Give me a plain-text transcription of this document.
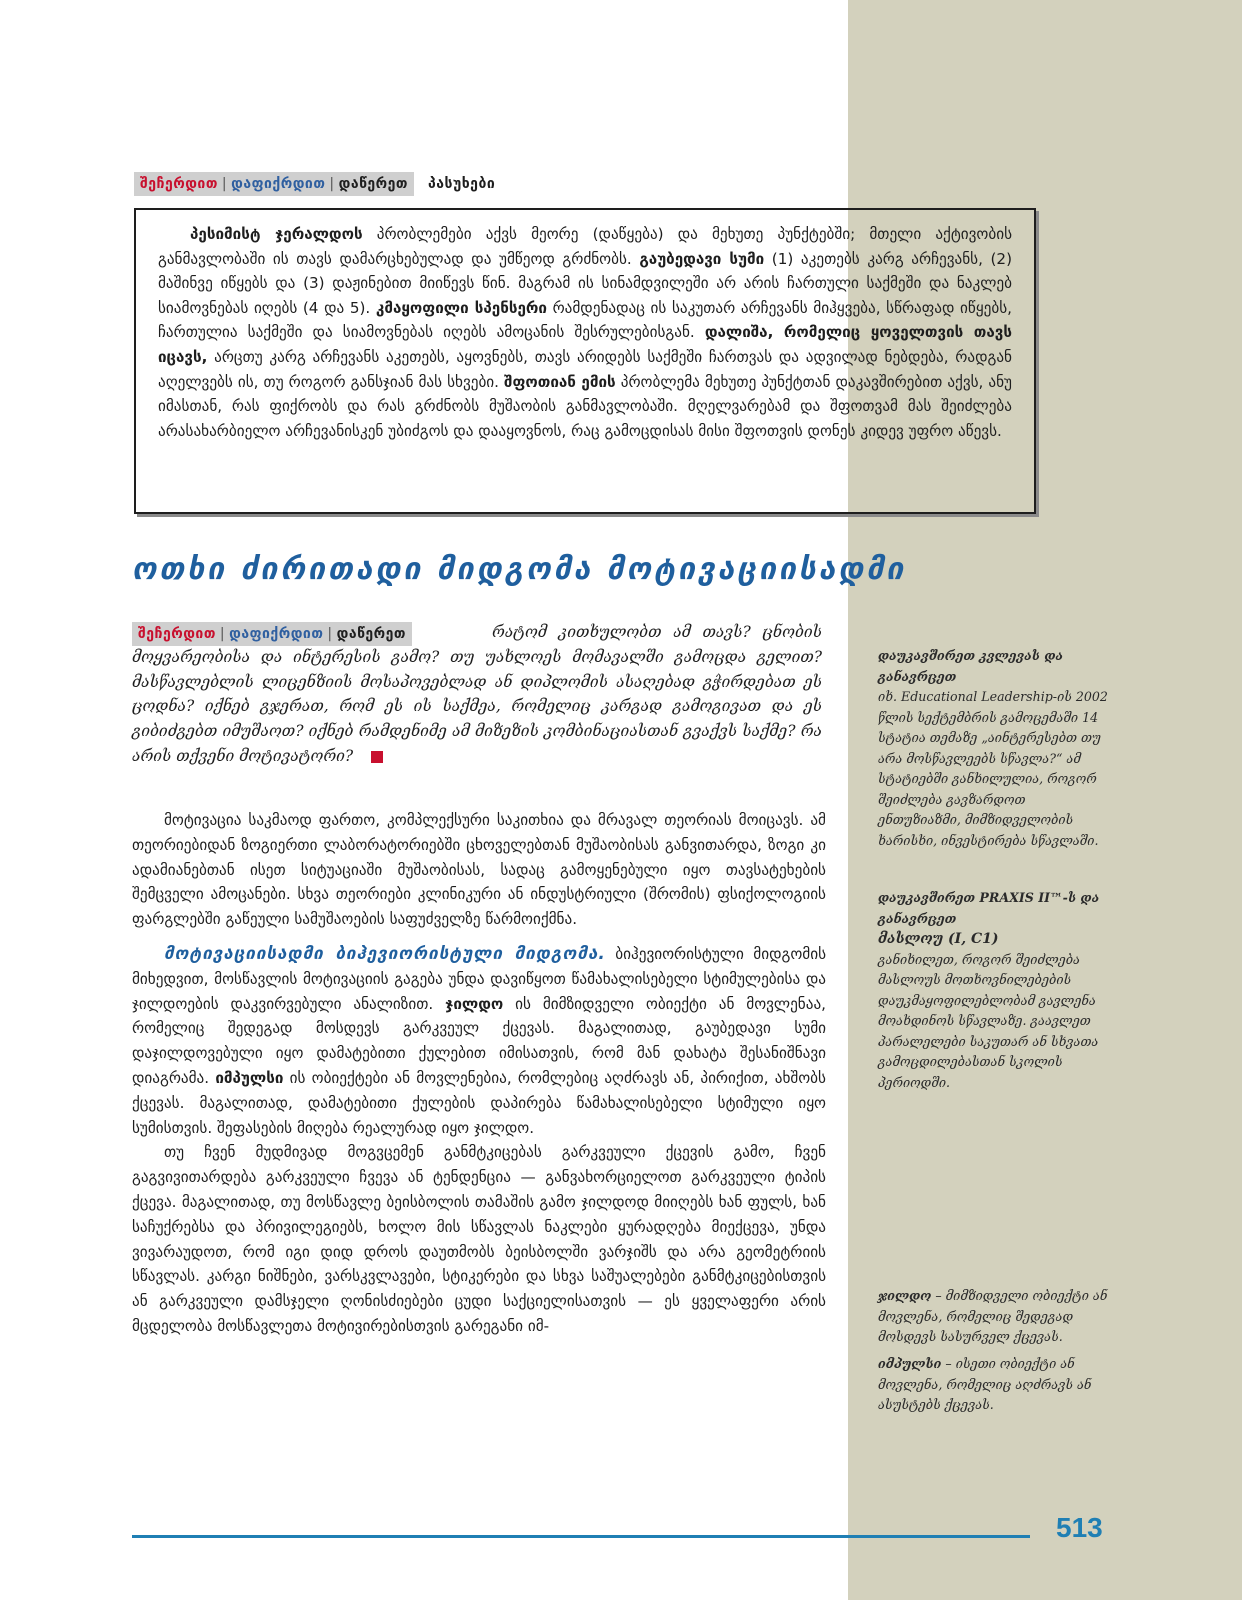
შეჩერდით | დაფიქრდით | დაწერეთ პასუხები

პესიმისტ ჯერალდოს პრობლემები აქვს მეორე (დაწყება) და მეხუთე პუნქტებში; მთელი აქტივობის განმავლობაში ის თავს დამარცხებულად და უმწეოდ გრძნობს. გაუბედავი სუმი (1) აკეთებს კარგ არჩევანს, (2) მაშინვე იწყებს და (3) დაჟინებით მიიწევს წინ. მაგრამ ის სინამდვილეში არ არის ჩართული საქმეში და ნაკლებ სიამოვნებას იღებს (4 და 5). კმაყოფილი სპენსერი რამდენადაც ის საკუთარ არჩევანს მიჰყვება, სწრაფად იწყებს, ჩართულია საქმეში და სიამოვნებას იღებს ამოცანის შესრულებისგან. დალიშა, რომელიც ყოველთვის თავს იცავს, არცთუ კარგ არჩევანს აკეთებს, აყოვნებს, თავს არიდებს საქმეში ჩართვას და ადვილად ნებდება, რადგან აღელვებს ის, თუ როგორ განსჯიან მას სხვები. შფოთიან ემის პრობლემა მეხუთე პუნქტთან დაკავშირებით აქვს, ანუ იმასთან, რას ფიქრობს და რას გრძნობს მუშაობის განმავლობაში. მღელვარებამ და შფოთვამ მას შეიძლება არასახარბიელო არჩევანისკენ უბიძგოს და დააყოვნოს, რაც გამოცდისას მისი შფოთვის დონეს კიდევ უფრო აწევს.

ოთხი ძირითადი მიდგომა მოტივაციისადმი
შეჩერდით | დაფიქრდით | დაწერეთ	რატომ კითხულობთ ამ თავს? ცნობის მოყვარეობისა და ინტერესის გამო? თუ უახლოეს მომავალში გამოცდა გელით? მასწავლებლის ლიცენზიის მოსაპოვებლად ან დიპლომის ასაღებად გჭირდებათ ეს ცოდნა? იქნებ გჯერათ, რომ ეს ის საქმეა, რომელიც კარგად გამოგივათ და ეს გიბიძგებთ იმუშაოთ? იქნებ რამდენიმე ამ მიზეზის კომბინაციასთან გვაქვს საქმე? რა არის თქვენი მოტივატორი?

მოტივაცია საკმაოდ ფართო, კომპლექსური საკითხია და მრავალ თეორიას მოიცავს. ამ თეორიებიდან ზოგიერთი ლაბორატორიებში ცხოველებთან მუშაობისას განვითარდა, ზოგი კი ადამიანებთან ისეთ სიტუაციაში მუშაობისას, სადაც გამოყენებული იყო თავსატეხების შემცველი ამოცანები. სხვა თეორიები კლინიკური ან ინდუსტრიული (შრომის) ფსიქოლოგიის ფარგლებში გაწეული სამუშაოების საფუძველზე წარმოიქმნა.

მოტივაციისადმი ბიჰევიორისტული მიდგომა. ბიჰევიორისტული მიდგომის მიხედვით, მოსწავლის მოტივაციის გაგება უნდა დავიწყოთ წამახალისებელი სტიმულებისა და ჯილდოების დაკვირვებული ანალიზით. ჯილდო ის მიმზიდველი ობიექტი ან მოვლენაა, რომელიც შედეგად მოსდევს გარკვეულ ქცევას. მაგალითად, გაუბედავი სუმი დაჯილდოვებული იყო დამატებითი ქულებით იმისათვის, რომ მან დახატა შესანიშნავი დიაგრამა. იმპულსი ის ობიექტები ან მოვლენებია, რომლებიც აღძრავს ან, პირიქით, ახშობს ქცევას. მაგალითად, დამატებითი ქულების დაპირება წამახალისებელი სტიმული იყო სუმისთვის. შეფასების მიღება რეალურად იყო ჯილდო.

თუ ჩვენ მუდმივად მოგვცემენ განმტკიცებას გარკვეული ქცევის გამო, ჩვენ გაგვივითარდება გარკვეული ჩვევა ან ტენდენცია — განვახორციელოთ გარკვეული ტიპის ქცევა. მაგალითად, თუ მოსწავლე ბეისბოლის თამაშის გამო ჯილდოდ მიიღებს ხან ფულს, ხან საჩუქრებსა და პრივილეგიებს, ხოლო მის სწავლას ნაკლები ყურადღება მიექცევა, უნდა ვივარაუდოთ, რომ იგი დიდ დროს დაუთმობს ბეისბოლში ვარჯიშს და არა გეომეტრიის სწავლას. კარგი ნიშნები, ვარსკვლავები, სტიკერები და სხვა საშუალებები განმტკიცებისთვის ან გარკვეული დამსჯელი ღონისძიებები ცუდი საქციელისათვის — ეს ყველაფერი არის მცდელობა მოსწავლეთა მოტივირებისთვის გარეგანი იმ-

დაუკავშირეთ კვლევას და განავრცეთ
იხ. Educational Leadership-ის 2002 წლის სექტემბრის გამოცემაში 14 სტატია თემაზე „აინტერესებთ თუ არა მოსწავლეებს სწავლა?“ ამ სტატიებში განხილულია, როგორ შეიძლება გავზარდოთ ენთუზიაზმი, მიმზიდველობის ხარისხი, ინვესტირება სწავლაში.
დაუკავშირეთ PRAXIS II™-ს და განავრცეთ
მასლოუ (I, C1)
განიხილეთ, როგორ შეიძლება მასლოუს მოთხოვნილებების დაუკმაყოფილებლობამ გავლენა მოახდინოს სწავლაზე. გაავლეთ პარალელები საკუთარ ან სხვათა გამოცდილებასთან სკოლის პერიოდში.
ჯილდო – მიმზიდველი ობიექტი ან მოვლენა, რომელიც შედეგად მოსდევს სასურველ ქცევას.
იმპულსი – ისეთი ობიექტი ან მოვლენა, რომელიც აღძრავს ან ასუსტებს ქცევას.
513
